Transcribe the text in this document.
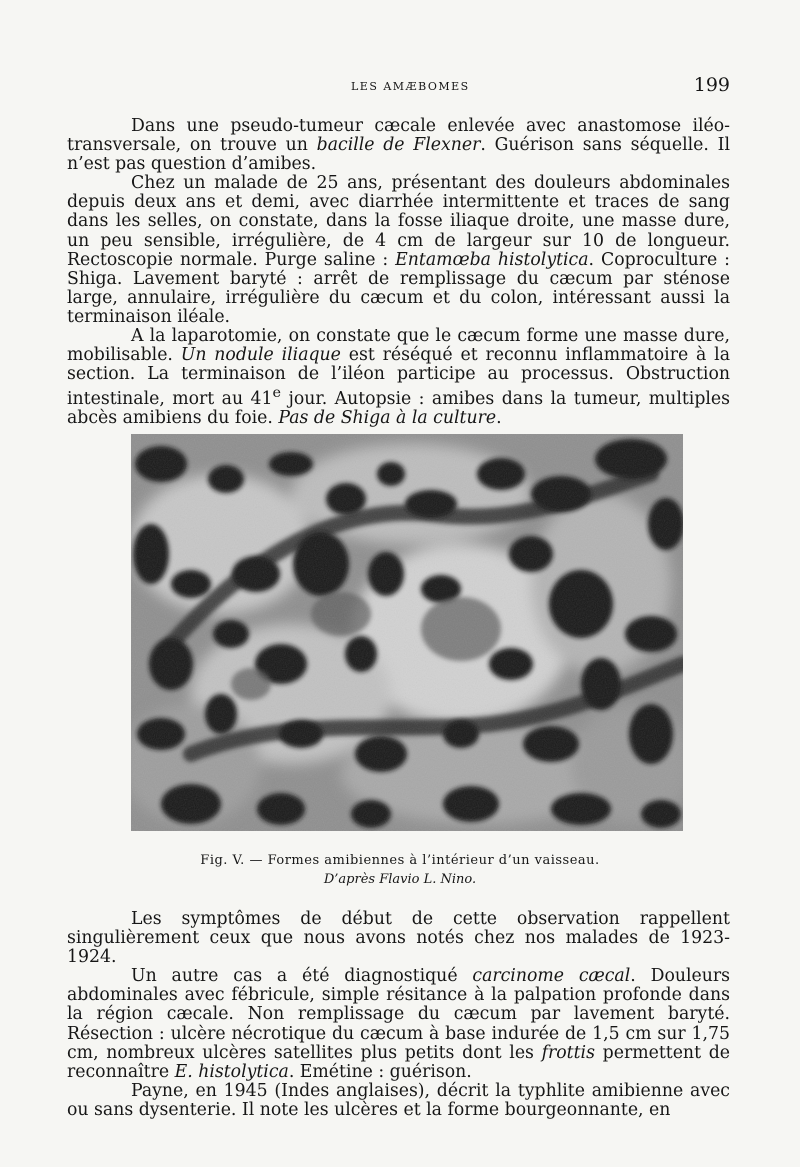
LES AMÆBOMES	199

Dans une pseudo-tumeur cæcale enlevée avec anastomose iléo-transversale, on trouve un bacille de Flexner. Guérison sans séquelle. Il n’est pas question d’amibes.

Chez un malade de 25 ans, présentant des douleurs abdominales depuis deux ans et demi, avec diarrhée intermittente et traces de sang dans les selles, on constate, dans la fosse iliaque droite, une masse dure, un peu sensible, irrégulière, de 4 cm de largeur sur 10 de longueur. Rectoscopie normale. Purge saline : Entamœba histolytica. Coproculture : Shiga. Lavement baryté : arrêt de remplissage du cæcum par sténose large, annulaire, irrégulière du cæcum et du colon, intéressant aussi la terminaison iléale.

A la laparotomie, on constate que le cæcum forme une masse dure, mobilisable. Un nodule iliaque est réséqué et reconnu inflammatoire à la section. La terminaison de l’iléon participe au processus. Obstruction intestinale, mort au 41e jour. Autopsie : amibes dans la tumeur, multiples abcès amibiens du foie. Pas de Shiga à la culture.

Fig. V. — Formes amibiennes à l’intérieur d’un vaisseau.
D’après Flavio L. Nino.

Les symptômes de début de cette observation rappellent singulièrement ceux que nous avons notés chez nos malades de 1923-1924.

Un autre cas a été diagnostiqué carcinome cæcal. Douleurs abdominales avec fébricule, simple résitance à la palpation profonde dans la région cæcale. Non remplissage du cæcum par lavement baryté. Résection : ulcère nécrotique du cæcum à base indurée de 1,5 cm sur 1,75 cm, nombreux ulcères satellites plus petits dont les frottis permettent de reconnaître E. histolytica. Emétine : guérison.

Payne, en 1945 (Indes anglaises), décrit la typhlite amibienne avec ou sans dysenterie. Il note les ulcères et la forme bourgeonnante, en
